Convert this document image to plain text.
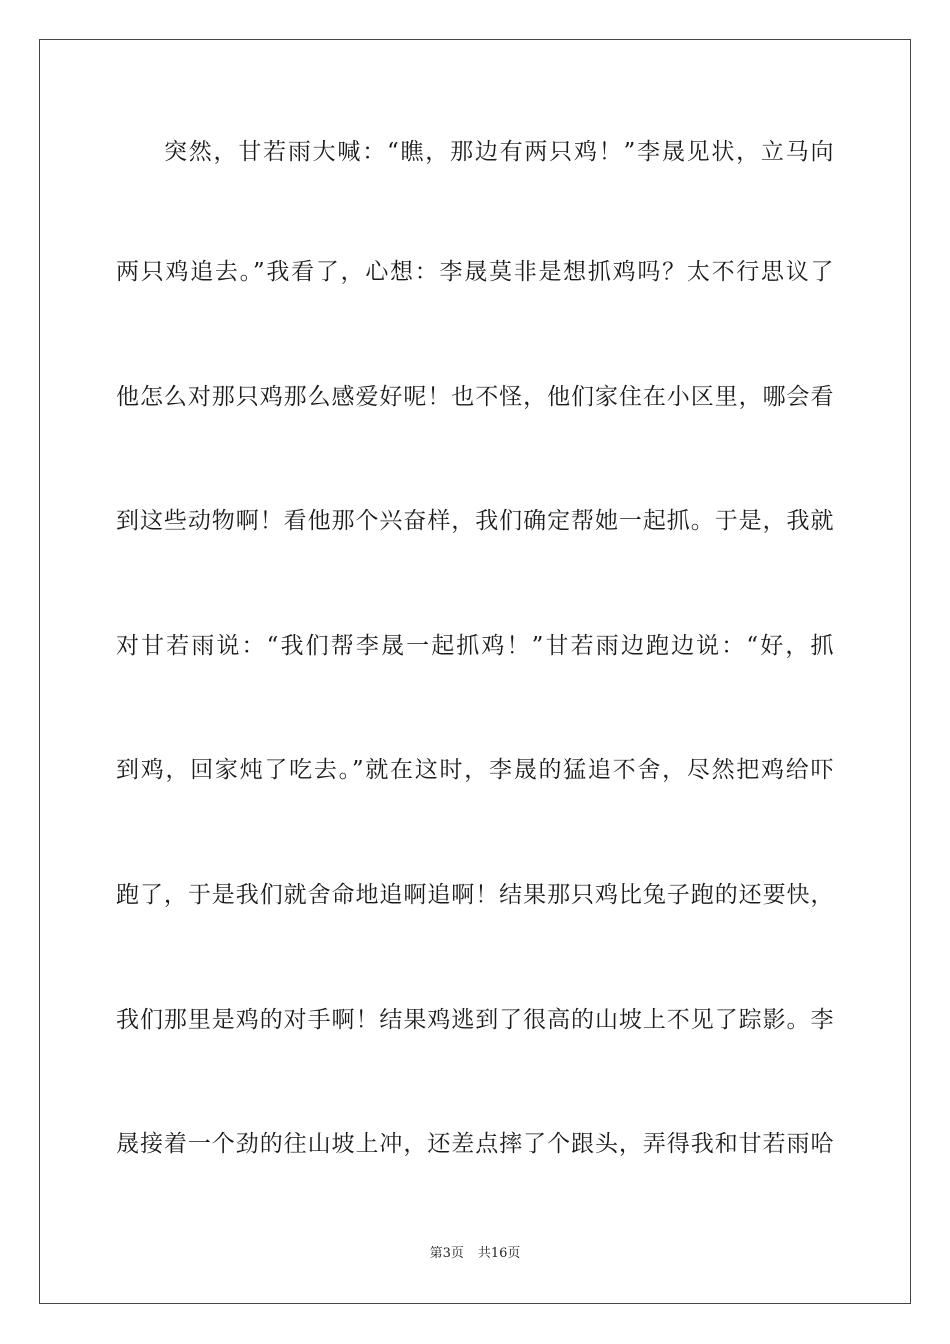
突然，甘若雨大喊：“瞧，那边有两只鸡！”李晟见状，立马向
两只鸡追去。”我看了，心想：李晟莫非是想抓鸡吗？太不行思议了
他怎么对那只鸡那么感爱好呢！也不怪，他们家住在小区里，哪会看
到这些动物啊！看他那个兴奋样，我们确定帮她一起抓。于是，我就
对甘若雨说：“我们帮李晟一起抓鸡！”甘若雨边跑边说：“好，抓
到鸡，回家炖了吃去。”就在这时，李晟的猛追不舍，尽然把鸡给吓
跑了，于是我们就舍命地追啊追啊！结果那只鸡比兔子跑的还要快，
我们那里是鸡的对手啊！结果鸡逃到了很高的山坡上不见了踪影。李
晟接着一个劲的往山坡上冲，还差点摔了个跟头，弄得我和甘若雨哈
第3页 共16页
